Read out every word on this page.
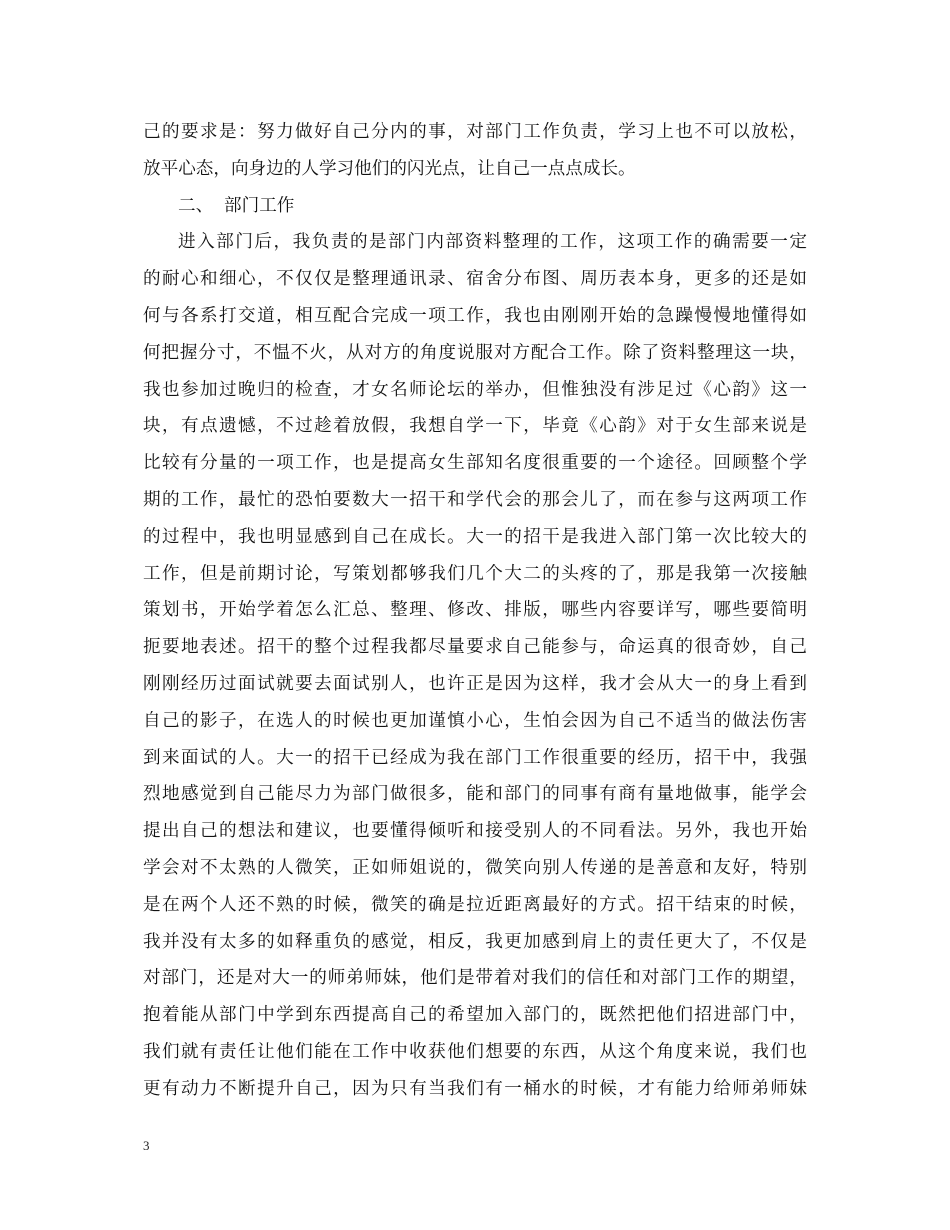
己的要求是：努力做好自己分内的事，对部门工作负责，学习上也不可以放松，
放平心态，向身边的人学习他们的闪光点，让自己一点点成长。
二、 部门工作
进入部门后，我负责的是部门内部资料整理的工作，这项工作的确需要一定
的耐心和细心，不仅仅是整理通讯录、宿舍分布图、周历表本身，更多的还是如
何与各系打交道，相互配合完成一项工作，我也由刚刚开始的急躁慢慢地懂得如
何把握分寸，不愠不火，从对方的角度说服对方配合工作。除了资料整理这一块，
我也参加过晚归的检查，才女名师论坛的举办，但惟独没有涉足过《心韵》这一
块，有点遗憾，不过趁着放假，我想自学一下，毕竟《心韵》对于女生部来说是
比较有分量的一项工作，也是提高女生部知名度很重要的一个途径。回顾整个学
期的工作，最忙的恐怕要数大一招干和学代会的那会儿了，而在参与这两项工作
的过程中，我也明显感到自己在成长。大一的招干是我进入部门第一次比较大的
工作，但是前期讨论，写策划都够我们几个大二的头疼的了，那是我第一次接触
策划书，开始学着怎么汇总、整理、修改、排版，哪些内容要详写，哪些要简明
扼要地表述。招干的整个过程我都尽量要求自己能参与，命运真的很奇妙，自己
刚刚经历过面试就要去面试别人，也许正是因为这样，我才会从大一的身上看到
自己的影子，在选人的时候也更加谨慎小心，生怕会因为自己不适当的做法伤害
到来面试的人。大一的招干已经成为我在部门工作很重要的经历，招干中，我强
烈地感觉到自己能尽力为部门做很多，能和部门的同事有商有量地做事，能学会
提出自己的想法和建议，也要懂得倾听和接受别人的不同看法。另外，我也开始
学会对不太熟的人微笑，正如师姐说的，微笑向别人传递的是善意和友好，特别
是在两个人还不熟的时候，微笑的确是拉近距离最好的方式。招干结束的时候，
我并没有太多的如释重负的感觉，相反，我更加感到肩上的责任更大了，不仅是
对部门，还是对大一的师弟师妹，他们是带着对我们的信任和对部门工作的期望，
抱着能从部门中学到东西提高自己的希望加入部门的，既然把他们招进部门中，
我们就有责任让他们能在工作中收获他们想要的东西，从这个角度来说，我们也
更有动力不断提升自己，因为只有当我们有一桶水的时候，才有能力给师弟师妹
3
